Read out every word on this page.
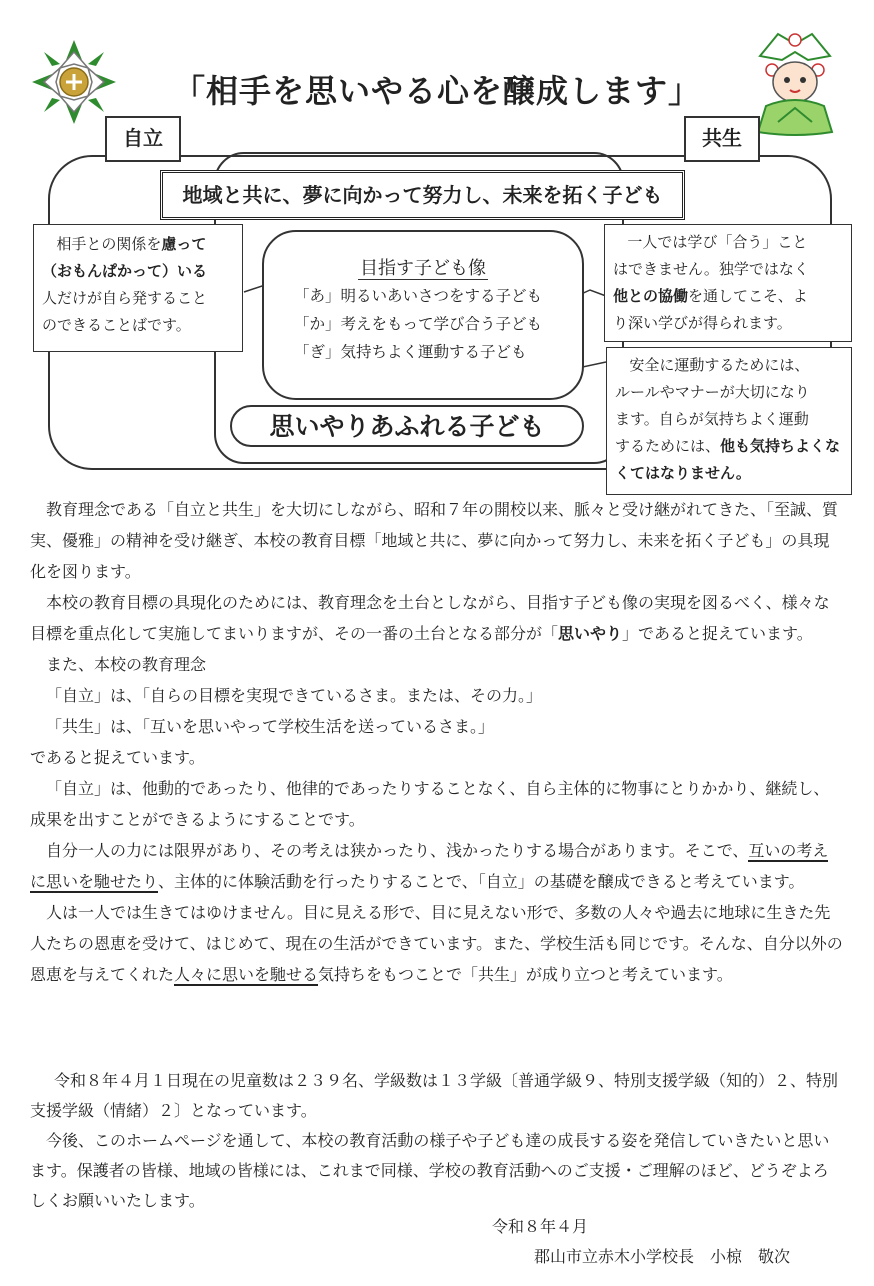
「相手を思いやる心を醸成します」
自立	共生
地域と共に、夢に向かって努力し、未来を拓く子ども
相手との関係を慮って
（おもんぱかって）いる
人だけが自ら発すること
のできることばです。
目指す子ども像
「あ」明るいあいさつをする子ども
「か」考えをもって学び合う子ども
「ぎ」気持ちよく運動する子ども
一人では学び「合う」こと
はできません。独学ではなく
他との協働を通してこそ、よ
り深い学びが得られます。
安全に運動するためには、
ルールやマナーが大切になり
ます。自らが気持ちよく運動
するためには、他も気持ちよくなくてはなりません。
思いやりあふれる子ども
教育理念である「自立と共生」を大切にしながら、昭和７年の開校以来、脈々と受け継がれてきた、「至誠、質実、優雅」の精神を受け継ぎ、本校の教育目標「地域と共に、夢に向かって努力し、未来を拓く子ども」の具現化を図ります。
本校の教育目標の具現化のためには、教育理念を土台としながら、目指す子ども像の実現を図るべく、様々な目標を重点化して実施してまいりますが、その一番の土台となる部分が「思いやり」であると捉えています。
また、本校の教育理念
「自立」は、「自らの目標を実現できているさま。または、その力。」
「共生」は、「互いを思いやって学校生活を送っているさま。」
であると捉えています。
「自立」は、他動的であったり、他律的であったりすることなく、自ら主体的に物事にとりかかり、継続し、成果を出すことができるようにすることです。
自分一人の力には限界があり、その考えは狭かったり、浅かったりする場合があります。そこで、互いの考えに思いを馳せたり、主体的に体験活動を行ったりすることで、「自立」の基礎を醸成できると考えています。
人は一人では生きてはゆけません。目に見える形で、目に見えない形で、多数の人々や過去に地球に生きた先人たちの恩恵を受けて、はじめて、現在の生活ができています。また、学校生活も同じです。そんな、自分以外の恩恵を与えてくれた人々に思いを馳せる気持ちをもつことで「共生」が成り立つと考えています。
令和８年４月１日現在の児童数は２３９名、学級数は１３学級〔普通学級９、特別支援学級（知的）２、特別支援学級（情緒）２〕となっています。
今後、このホームページを通して、本校の教育活動の様子や子ども達の成長する姿を発信していきたいと思います。保護者の皆様、地域の皆様には、これまで同様、学校の教育活動へのご支援・ご理解のほど、どうぞよろしくお願いいたします。
令和８年４月
郡山市立赤木小学校長　小椋　敬次
